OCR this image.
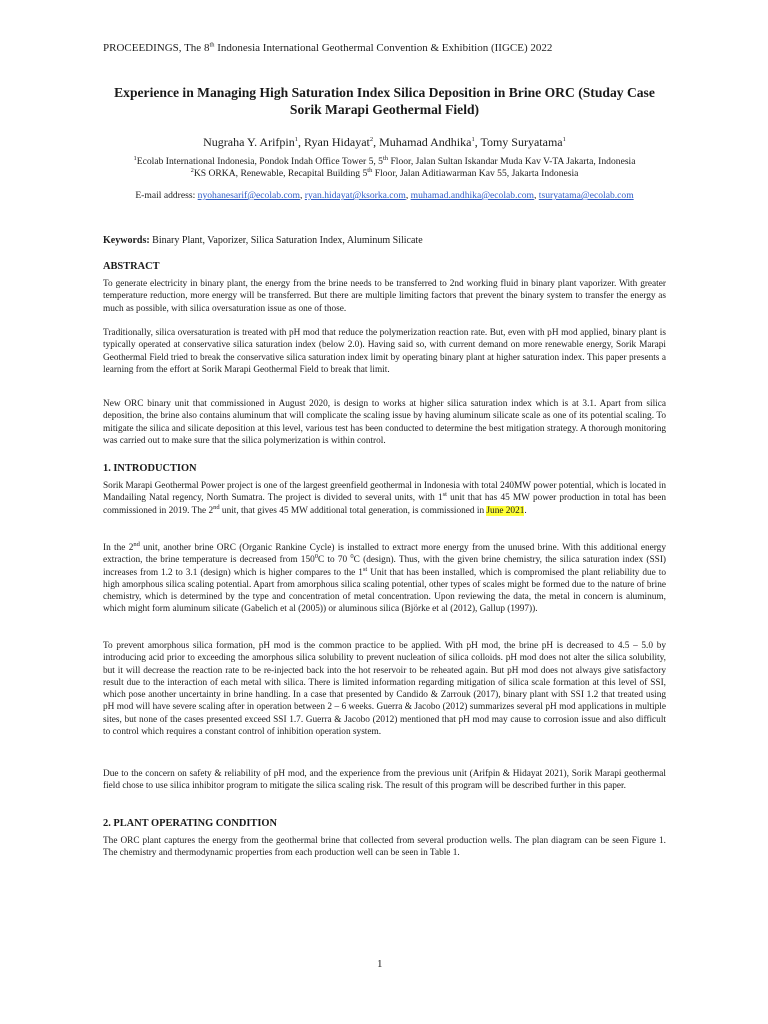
PROCEEDINGS, The 8th Indonesia International Geothermal Convention & Exhibition (IIGCE) 2022
Experience in Managing High Saturation Index Silica Deposition in Brine ORC (Studay Case Sorik Marapi Geothermal Field)
Nugraha Y. Arifpin$^1$, Ryan Hidayat$^2$, Muhamad Andhika$^1$, Tomy Suryatama$^1$
$^1$Ecolab International Indonesia, Pondok Indah Office Tower 5, 5th Floor, Jalan Sultan Iskandar Muda Kav V-TA Jakarta, Indonesia
$^2$KS ORKA, Renewable, Recapital Building 5th Floor, Jalan Aditiawarman Kav 55, Jakarta Indonesia
E-mail address: nyohanesarif@ecolab.com, ryan.hidayat@ksorka.com, muhamad.andhika@ecolab.com, tsuryatama@ecolab.com
Keywords: Binary Plant, Vaporizer, Silica Saturation Index, Aluminum Silicate
ABSTRACT
To generate electricity in binary plant, the energy from the brine needs to be transferred to 2nd working fluid in binary plant vaporizer. With greater temperature reduction, more energy will be transferred. But there are multiple limiting factors that prevent the binary system to transfer the energy as much as possible, with silica oversaturation issue as one of those.
Traditionally, silica oversaturation is treated with pH mod that reduce the polymerization reaction rate. But, even with pH mod applied, binary plant is typically operated at conservative silica saturation index (below 2.0). Having said so, with current demand on more renewable energy, Sorik Marapi Geothermal Field tried to break the conservative silica saturation index limit by operating binary plant at higher saturation index. This paper presents a learning from the effort at Sorik Marapi Geothermal Field to break that limit.
New ORC binary unit that commissioned in August 2020, is design to works at higher silica saturation index which is at 3.1. Apart from silica deposition, the brine also contains aluminum that will complicate the scaling issue by having aluminum silicate scale as one of its potential scaling. To mitigate the silica and silicate deposition at this level, various test has been conducted to determine the best mitigation strategy. A thorough monitoring was carried out to make sure that the silica polymerization is within control.
1. INTRODUCTION
Sorik Marapi Geothermal Power project is one of the largest greenfield geothermal in Indonesia with total 240MW power potential, which is located in Mandailing Natal regency, North Sumatra. The project is divided to several units, with 1st unit that has 45 MW power production in total has been commissioned in 2019. The 2nd unit, that gives 45 MW additional total generation, is commissioned in June 2021.
In the 2nd unit, another brine ORC (Organic Rankine Cycle) is installed to extract more energy from the unused brine. With this additional energy extraction, the brine temperature is decreased from $150^0C$ to 70 $^0$C (design). Thus, with the given brine chemistry, the silica saturation index (SSI) increases from 1.2 to 3.1 (design) which is higher compares to the 1st Unit that has been installed, which is compromised the plant reliability due to high amorphous silica scaling potential. Apart from amorphous silica scaling potential, other types of scales might be formed due to the nature of brine chemistry, which is determined by the type and concentration of metal concentration. Upon reviewing the data, the metal in concern is aluminum, which might form aluminum silicate (Gabelich et al (2005)) or aluminous silica (Björke et al (2012), Gallup (1997)).
To prevent amorphous silica formation, pH mod is the common practice to be applied. With pH mod, the brine pH is decreased to 4.5 – 5.0 by introducing acid prior to exceeding the amorphous silica solubility to prevent nucleation of silica colloids. pH mod does not alter the silica solubility, but it will decrease the reaction rate to be re-injected back into the hot reservoir to be reheated again. But pH mod does not always give satisfactory result due to the interaction of each metal with silica. There is limited information regarding mitigation of silica scale formation at this level of SSI, which pose another uncertainty in brine handling. In a case that presented by Candido & Zarrouk (2017), binary plant with SSI 1.2 that treated using pH mod will have severe scaling after in operation between 2 – 6 weeks. Guerra & Jacobo (2012) summarizes several pH mod applications in multiple sites, but none of the cases presented exceed SSI 1.7. Guerra & Jacobo (2012) mentioned that pH mod may cause to corrosion issue and also difficult to control which requires a constant control of inhibition operation system.
Due to the concern on safety & reliability of pH mod, and the experience from the previous unit (Arifpin & Hidayat 2021), Sorik Marapi geothermal field chose to use silica inhibitor program to mitigate the silica scaling risk. The result of this program will be described further in this paper.
2. PLANT OPERATING CONDITION
The ORC plant captures the energy from the geothermal brine that collected from several production wells. The plan diagram can be seen Figure 1. The chemistry and thermodynamic properties from each production well can be seen in Table 1.
1
